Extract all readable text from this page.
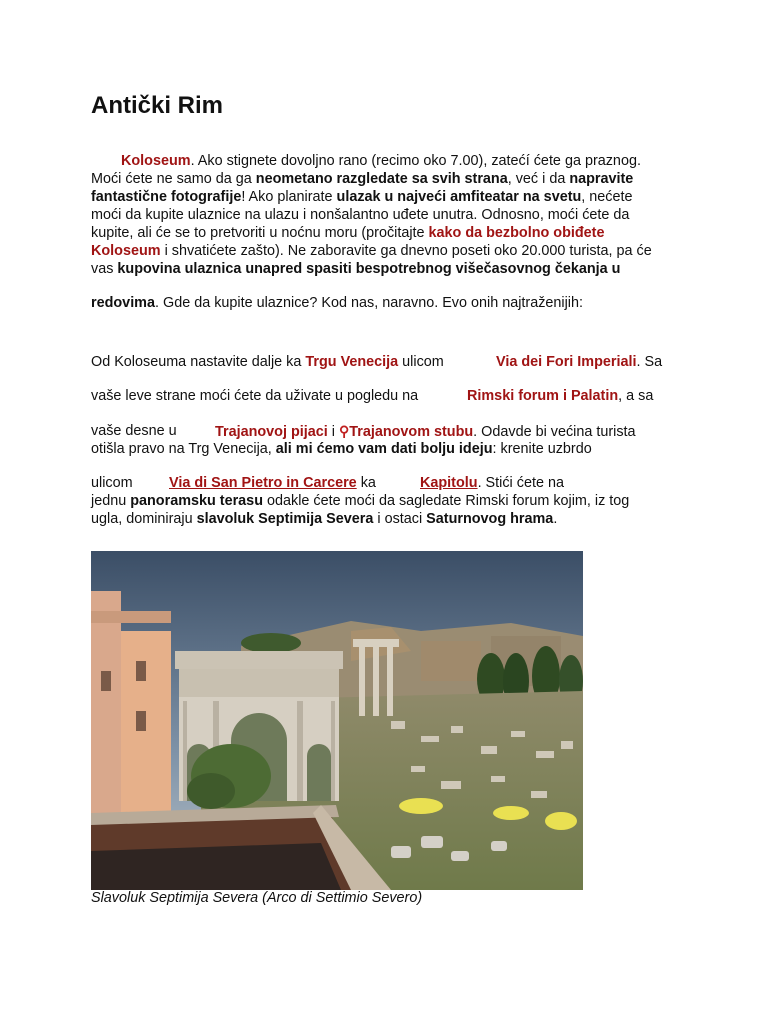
Antički Rim
Koloseum. Ako stignete dovoljno rano (recimo oko 7.00), zatećí ćete ga praznog.
Moći ćete ne samo da ga neometano razgledate sa svih strana, već i da napravite
fantastične fotografije! Ako planirate ulazak u najveći amfiteatar na svetu, nećete
moći da kupite ulaznice na ulazu i nonšalantno uđete unutra. Odnosno, moći ćete da
kupite, ali će se to pretvoriti u noćnu moru (pročitajte kako da bezbolno obiđete
Koloseum i shvatićete zašto). Ne zaboravite ga dnevno poseti oko 20.000 turista, pa će
vas kupovina ulaznica unapred spasiti bespotrebnog višečasovnog čekanja u
redovima. Gde da kupite ulaznice? Kod nas, naravno. Evo onih najtraženijih:
Od Koloseuma nastavite dalje ka Trgu Venecija ulicom	Via dei Fori Imperiali. Sa
vaše leve strane moći ćete da uživate u pogledu na	Rimski forum i Palatin, a sa
vaše desne u	Trajanovoj pijaci i ⚲Trajanovom stubu. Odavde bi većina turista
otišla pravo na Trg Venecija, ali mi ćemo vam dati bolju ideju: krenite uzbrdo
ulicom	Via di San Pietro in Carcere ka	Kapitolu. Stići ćete na
jednu panoramsku terasu odakle ćete moći da sagledate Rimski forum kojim, iz tog
ugla, dominiraju slavoluk Septimija Severa i ostaci Saturnovog hrama.
Slavoluk Septimija Severa (Arco di Settimio Severo)
